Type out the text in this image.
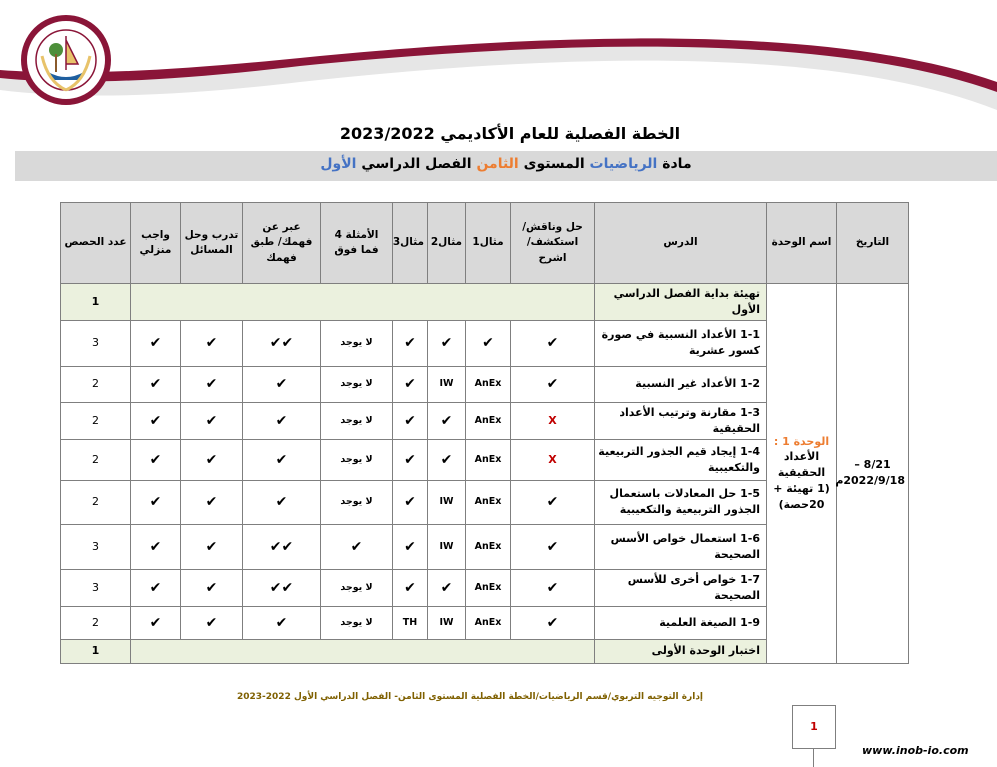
الخطة الفصلية للعام الأكاديمي 2023/2022
مادة الرياضيات المستوى الثامن الفصل الدراسي الأول
التاريخ	اسم الوحدة	الدرس	حل وناقش/ استكشف/اشرح	مثال1	مثال2	مثال3	الأمثلة 4 فما فوق	عبر عن فهمك/ طبق فهمك	تدرب وحل المسائل	واجب منزلي	عدد الحصص
8/21 – 2022/9/18م	الوحدة 1 :
الأعداد الحقيقية
(1 تهيئة + 20حصة)	تهيئة بداية الفصل الدراسي الأول									1
		1-1 الأعداد النسبية في صورة كسور عشرية	✔	✔	✔	✔	لا يوجد	✔✔	✔	✔	3
		1-2 الأعداد غير النسبية	✔	AnEx	IW	✔	لا يوجد	✔	✔	✔	2
		1-3 مقارنة وترتيب الأعداد الحقيقية	X	AnEx	✔	✔	لا يوجد	✔	✔	✔	2
		1-4 إيجاد قيم الجذور التربيعية والتكعيبية	X	AnEx	✔	✔	لا يوجد	✔	✔	✔	2
		1-5 حل المعادلات باستعمال الجذور التربيعية والتكعيبية	✔	AnEx	IW	✔	لا يوجد	✔	✔	✔	2
		1-6 استعمال خواص الأسس الصحيحة	✔	AnEx	IW	✔	✔	✔✔	✔	✔	3
		1-7 خواص أخرى للأسس الصحيحة	✔	AnEx	✔	✔	لا يوجد	✔✔	✔	✔	3
		1-9 الصيغة العلمية	✔	AnEx	IW	TH	لا يوجد	✔	✔	✔	2
		اختبار الوحدة الأولى									1
إدارة التوجيه التربوي/قسم الرياضيات/الخطة الفصلية المستوى الثامن- الفصل الدراسي الأول 2022-2023
1
www.inob-io.com
